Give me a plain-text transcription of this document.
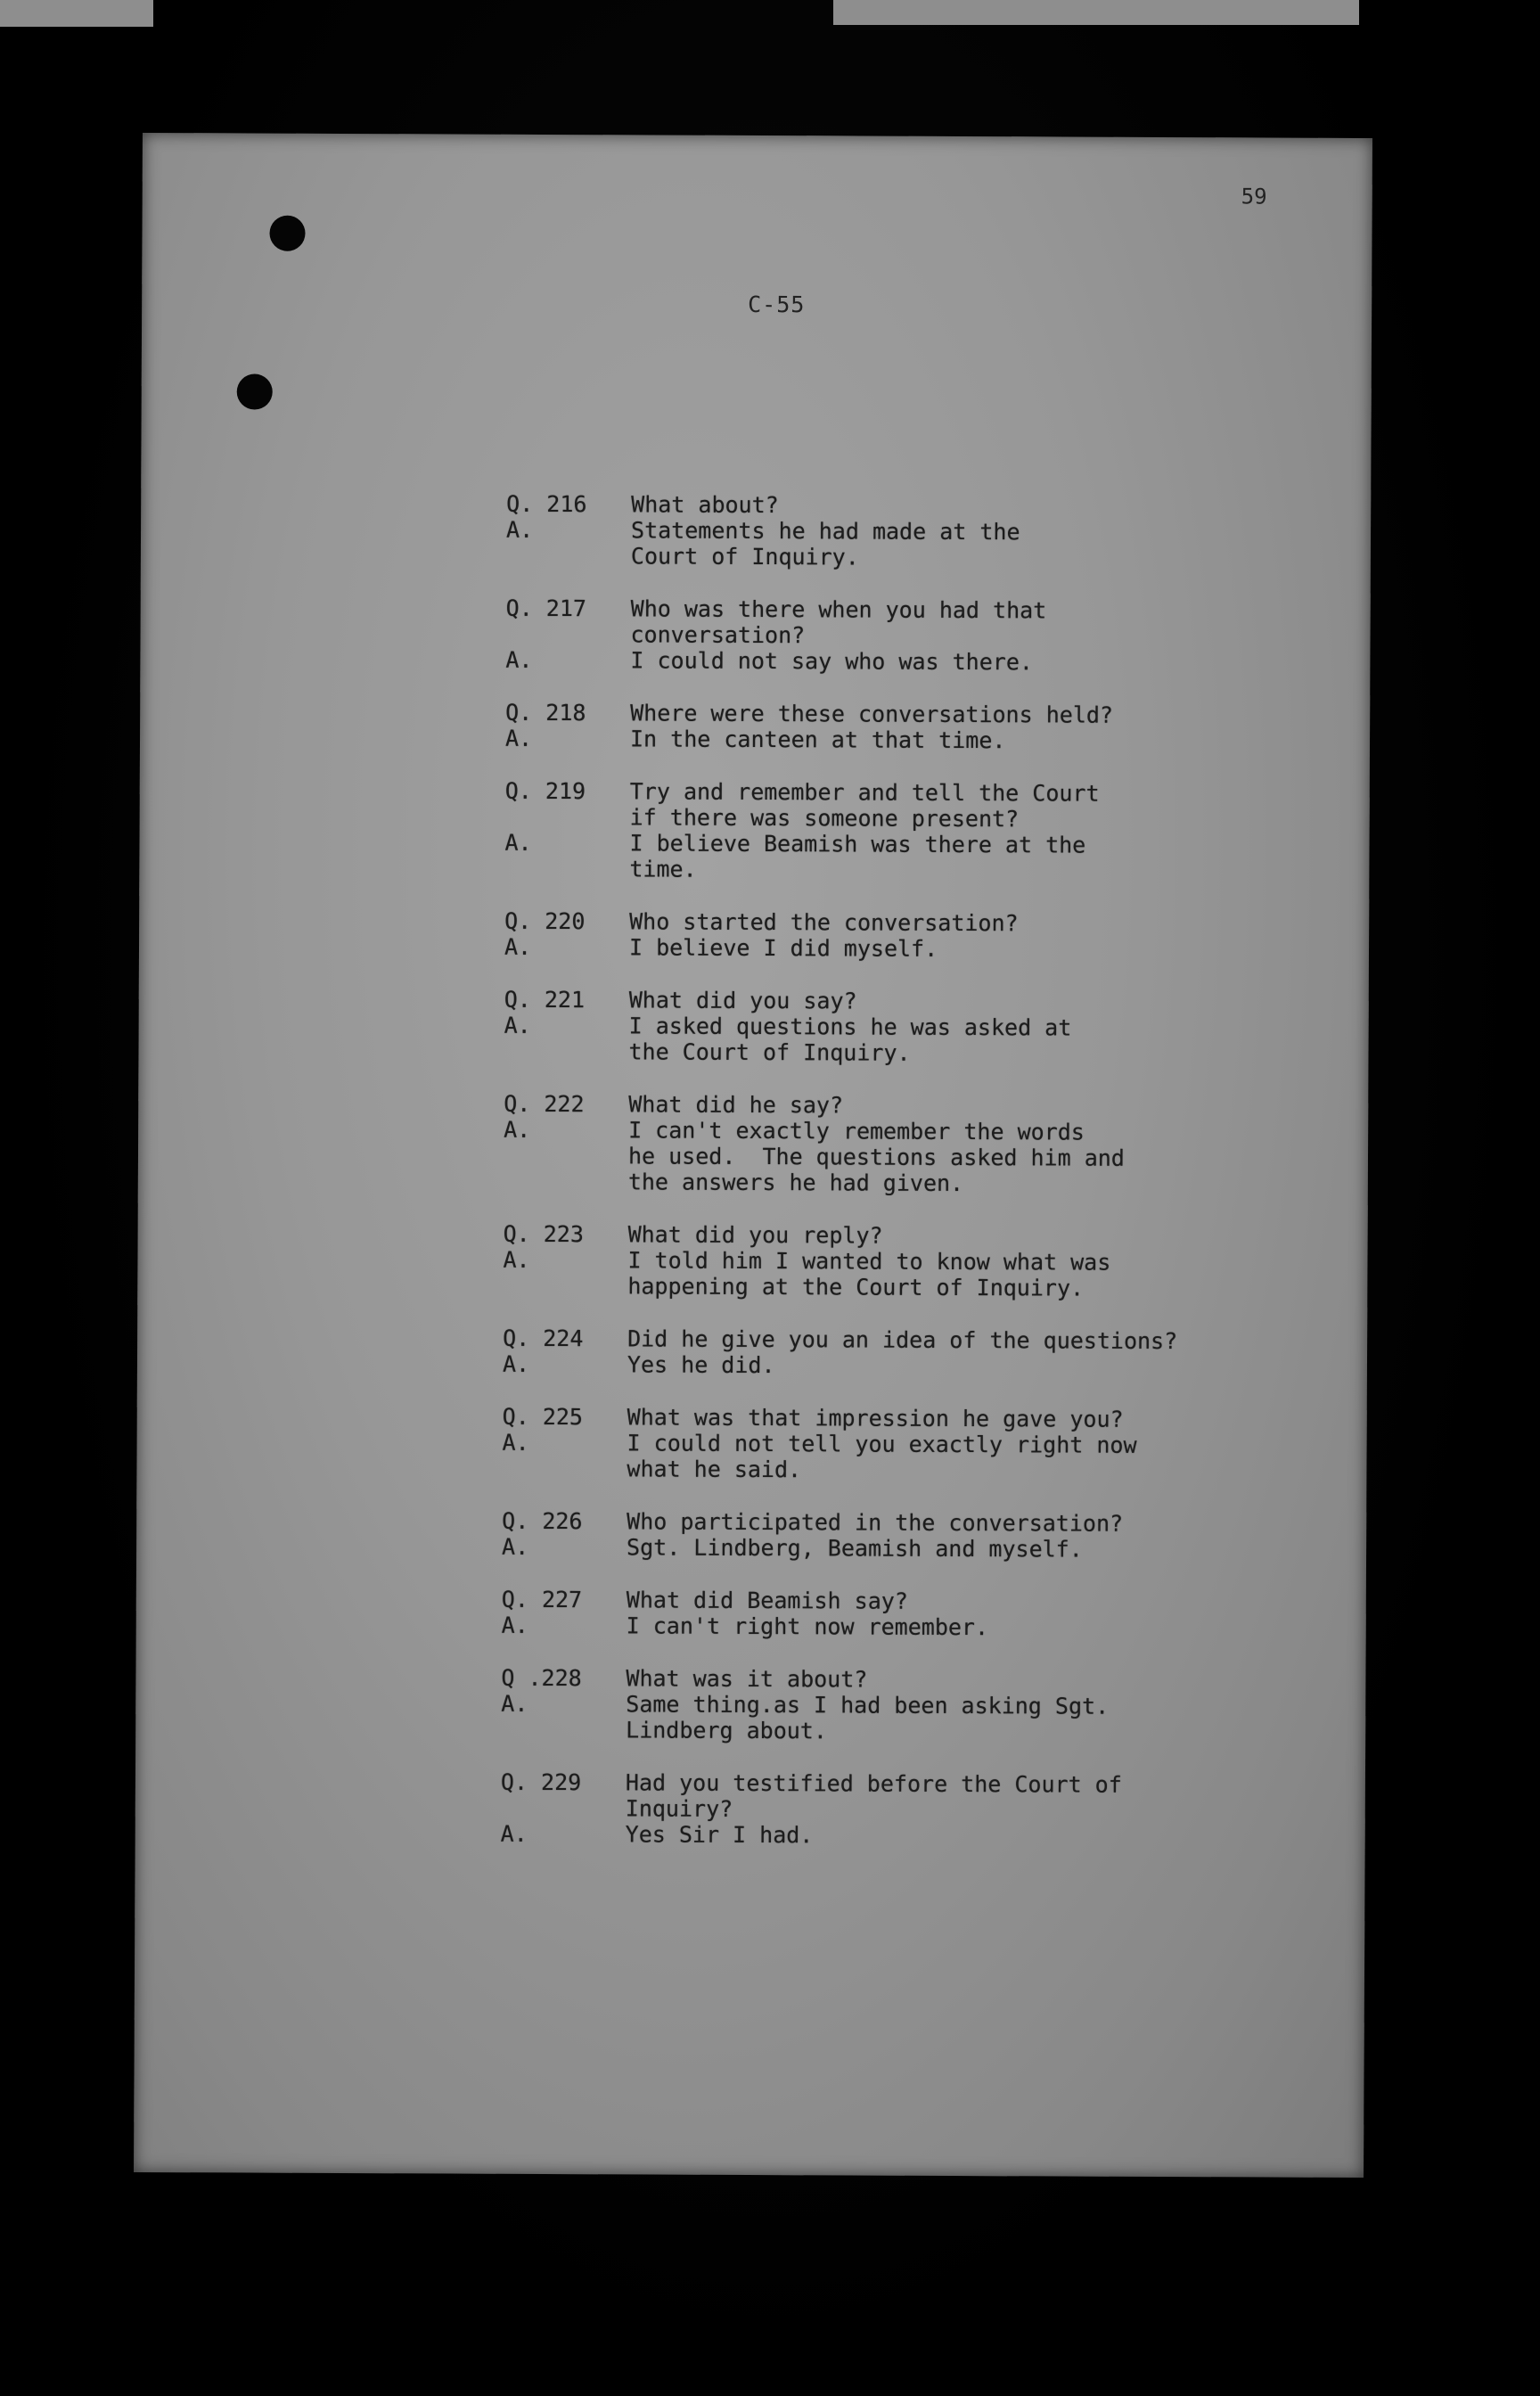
59
C-55
Q. 216	What about?
A.	Statements he had made at the
Court of Inquiry.
Q. 217	Who was there when you had that
conversation?
A.	I could not say who was there.
Q. 218	Where were these conversations held?
A.	In the canteen at that time.
Q. 219	Try and remember and tell the Court
if there was someone present?
A.	I believe Beamish was there at the
time.
Q. 220	Who started the conversation?
A.	I believe I did myself.
Q. 221	What did you say?
A.	I asked questions he was asked at
the Court of Inquiry.
Q. 222	What did he say?
A.	I can't exactly remember the words
he used.  The questions asked him and
the answers he had given.
Q. 223	What did you reply?
A.	I told him I wanted to know what was
happening at the Court of Inquiry.
Q. 224	Did he give you an idea of the questions?
A.	Yes he did.
Q. 225	What was that impression he gave you?
A.	I could not tell you exactly right now
what he said.
Q. 226	Who participated in the conversation?
A.	Sgt. Lindberg, Beamish and myself.
Q. 227	What did Beamish say?
A.	I can't right now remember.
Q .228	What was it about?
A.	Same thing.as I had been asking Sgt.
Lindberg about.
Q. 229	Had you testified before the Court of
Inquiry?
A.	Yes Sir I had.
